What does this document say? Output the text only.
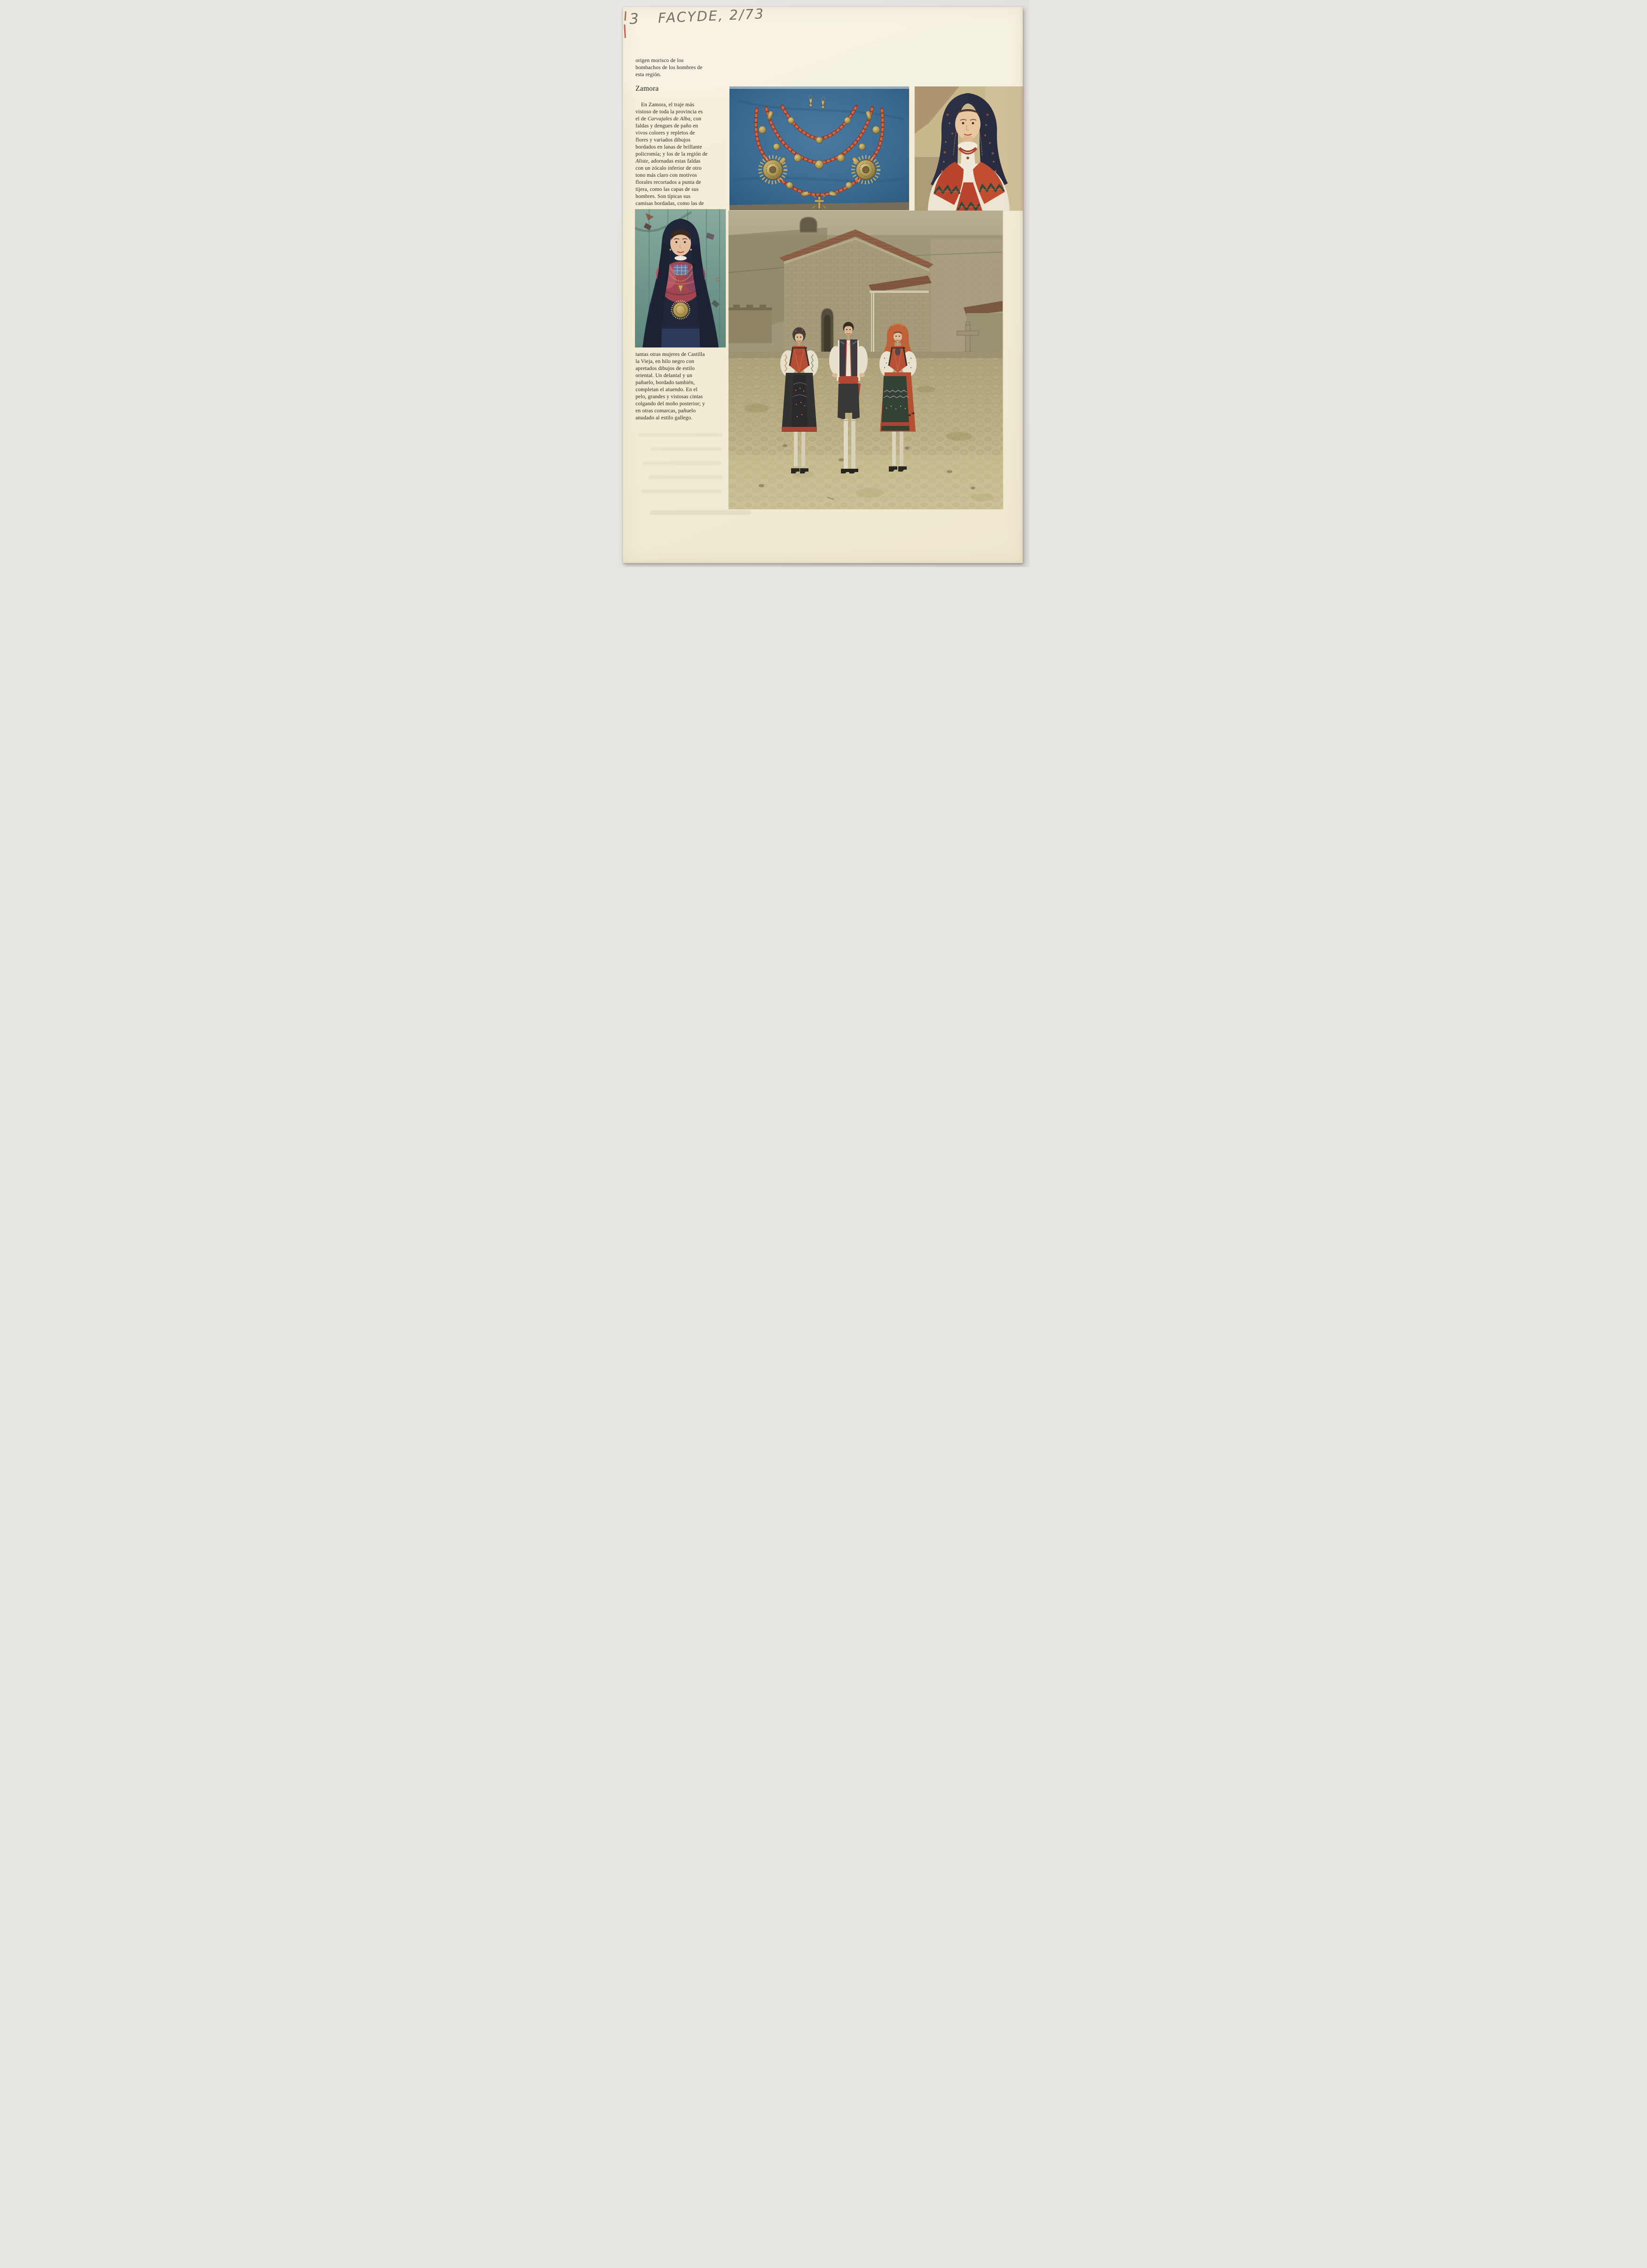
3 FACYDE, 2/73
origen morisco de los
bombachos de los hombres de
esta región.
Zamora
 En Zamora, el traje más
vistoso de toda la provincia es
el de Carvajales de Alba, con
faldas y dengues de paño en
vivos colores y repletos de
flores y variados dibujos
bordados en lanas de brillante
policromía; y los de la región de
Aliste, adornadas estas faldas
con un zócalo inferior de otro
tono más claro con motivos
florales recortados a punta de
tijera, como las capas de sus
hombres. Son típicas sus
camisas bordadas, como las de
tantas otras mujeres de Castilla
la Vieja, en hilo negro con
apretados dibujos de estilo
oriental. Un delantal y un
pañuelo, bordado también,
completan el atuendo. En el
pelo, grandes y vistosas cintas
colgando del moño posterior; y
en otras comarcas, pañuelo
anudado al estilo gallego.
